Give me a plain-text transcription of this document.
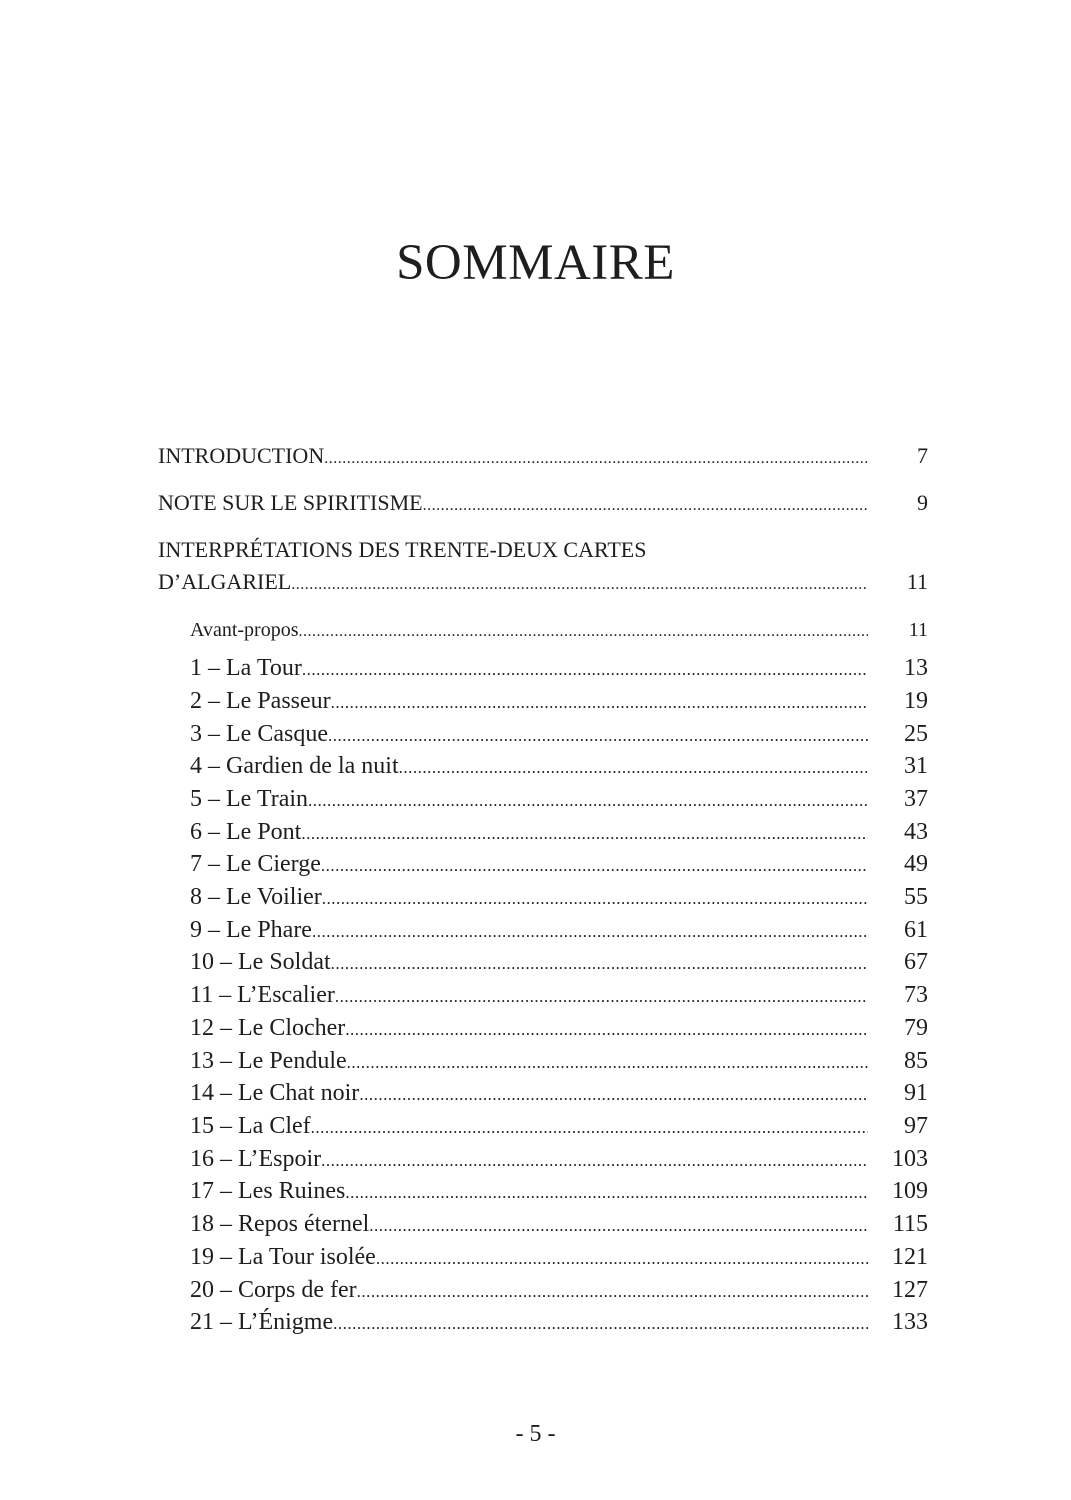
SOMMAIRE
INTRODUCTION .....	7
NOTE SUR LE SPIRITISME .....	9
INTERPRÉTATIONS DES TRENTE-DEUX CARTES
D’ALGARIEL .....	11
Avant-propos .....	11
1 – La Tour .....	13
2 – Le Passeur .....	19
3 – Le Casque .....	25
4 – Gardien de la nuit .....	31
5 – Le Train .....	37
6 – Le Pont .....	43
7 – Le Cierge .....	49
8 – Le Voilier .....	55
9 – Le Phare .....	61
10 – Le Soldat .....	67
11 – L’Escalier .....	73
12 – Le Clocher .....	79
13 – Le Pendule .....	85
14 – Le Chat noir .....	91
15 – La Clef .....	97
16 – L’Espoir .....	103
17 – Les Ruines .....	109
18 – Repos éternel .....	115
19 – La Tour isolée .....	121
20 – Corps de fer .....	127
21 – L’Énigme .....	133
- 5 -
